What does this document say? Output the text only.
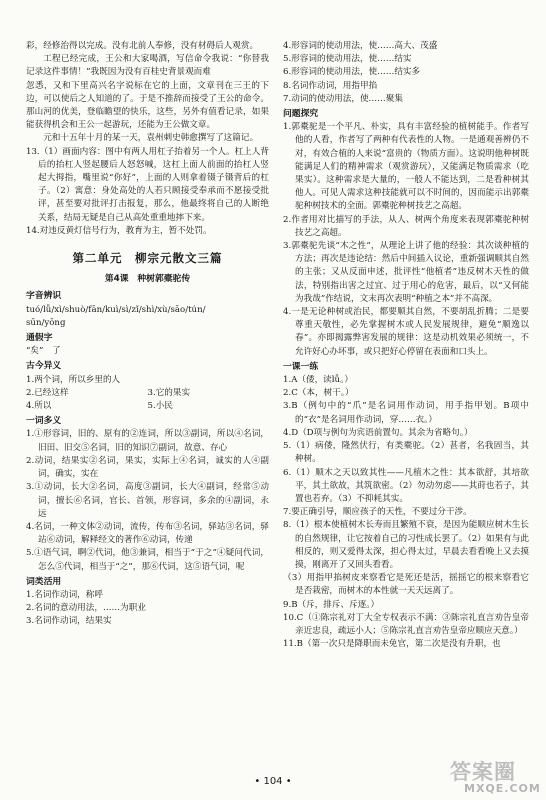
彩，经修治得以完成。没有北前人奉修，没有材碍后人观赏。

工程已经完成，王公和大家喝酒，写信命令我说：“你替我记录这件事情！”我既因为没有百桂史背景观而难

忽悉，又和下里高兴名字说标在它的上面，文章刊在三王的下边，可以使后之人知道的了。于是不推辞而接受了王公的命令。那山河的优美，登临瞻望的快乐，这些，另外有值看记录，如果能获得机会和王公一起游玩，还能为王公做文章。

元和十五年十月的某一天，袁州刺史韩愈撰写了这篇记。

13.（1）画面内容：图中有两人用杠子抬着另一个人。杠上人背后的抬杠人竖起腰后人怒怒喊，这杠上面人前面的抬杠人竖起大拇指，嘴里说“你好”，上面的人则拿着镊子镊背后的杠子。（2）寓意：身处高处的人若只顾接受奉承而不愿接受批评，甚至要对批评打击报复，那么，他最终将自己的人断绝关系，结局无疑是自己从高处重重地摔下来。

14.对违反黄灯信号行为，教育为主，暂不处罚。

第二单元　柳宗元散文三篇
第4课　种树郭橐驼传
字音辨识

tuó/lǚ/xì/shuò/fān/kuì/sì/zǐ/shì/xù/sāo/tún/

sūn/yōng

通假字

“矣”　了

古今异义

1.两个词，所以乡里的人

2.已经这样	3.它的果实
4.所以	5.小民
一词多义

1.①形容词，旧的、原有的②连词，所以③副词，所以④名词，旧田、旧交⑤名词，旧的知识⑦副词，故意、存心

2.动词，结果实②名词，果实，实际上④名词，诚实的人④副词，确实，实在

3.①动词，长大②名词，高度③副词，长大④副词，经常⑤动词，擅长⑥名词，官长、首领，形容词，多余的④副词，永远

4.名词，一种文体②动词，流传，传布③名词，驿站③名词，驿站⑥动词，解释经文的著作⑥动词，传递

5.①语气词，啊②代词，他③兼词，相当于“于之”④疑问代词，怎么⑤代词，相当于“之”，那⑥代词，这⑤语气词，呢

词类活用

1.名词作动词，称呼

2.名词的意动用法，……为职业

3.名词作动词，结果实

4.形容词的使动用法，使……高大、茂盛

5.形容词的使动用法，使……结实

6.形容词的使动用法，使……结实多

8.名词作动词，用指甲掐

7.动词的使动用法，使……聚集

问题探究

1.郭橐驼是一个平凡、朴实，具有丰富经验的植树能手。作者写他的人看，作者写了两种有代表性的人物。一是通观善辨仍不对，有效合植的人来说“富贵的（物质方面）。这说明他种树既能满足人们的精神需求（观赏游玩），又能满足物质需求（吃果实）。这种需求是大量的，一般人不能达到，二是看种树其他人。可见人需求这种技能就可以不时间的，因而能示出郭橐驼种树技术的全面。郭橐驼种树技艺之高超。

2.作者用对比描写的手法，从人、树两个角度来表现郭橐驼种树技艺之高超。

3.郭橐驼先谈“木之性”，从理论上讲了他的经验：其次谈种植的方法；再次是违论结：然后中间插入议论，重新强调顺其自然的主张；又从反面申述，批评性“他植者”违反树木天性的做法，特别指出害之过宜、过于用心的危害，最后，以“又何能为我哉”作结说，文末再次表明“种植之本”并不高深。

4.一是无论种树或治民，都要顺其自然，不要胡乱折腾；二是要尊重天敬性，必先掌握树木或人民发展规律，避免“顺逸以春”。亦即揭露弊害发展的规律：这是动机效果必须统一，不允许好心办坏事，或只把好心停留在表面和口头上。

一课一练

1.A（倭，读lǚ。）

2.C（本，树干。）

3.B（例句中的“爪”是名词用作动词，用手指甲划。B项中的“衣”是名词用作动词，穿……衣。）

4.D（D项与例句为宾语前置句。其余为省略句。）

5.（1）病偻，隆然伏行，有类橐驼。（2）甚者，名我固当，其种树。

6.（1）顺木之天以致其性——凡植木之性：其本欲舒，其培欲平，其土欲故，其筑欲密。（2）勿动勿虑——其莳也若子，其置也若弃。（3）不抑耗其实。

7.要正确引导，顺应孩子的天性，不要过分干涉。

8.（1）根本使植树木长寿而且繁殖不衰，是因为能顺应树木生长的自然规律，让它按着自己的习性成长罢了。（2）如果有与此相反的，则又爱得太深，担心得太过，早晨去看看晚上又去摸摸，刚离开了又回头看看。

（3）用指甲掐树皮来察看它是死还是活，摇摇它的根来察看它是否栽密，而树木的本性就一天天远离了。

9.B（斥，排斥、斥逐。）

10.C（①陈宗礼对丁大全专权表示不满：③陈宗礼直言劝告皇帝亲近忠良，疏远小人；⑤陈宗礼直言劝告皇帝应顺应天意。）

11.B（第一次只是降职而未免官，第二次是没有升职，也

• 104 •	答案圈
MXQE.COM
